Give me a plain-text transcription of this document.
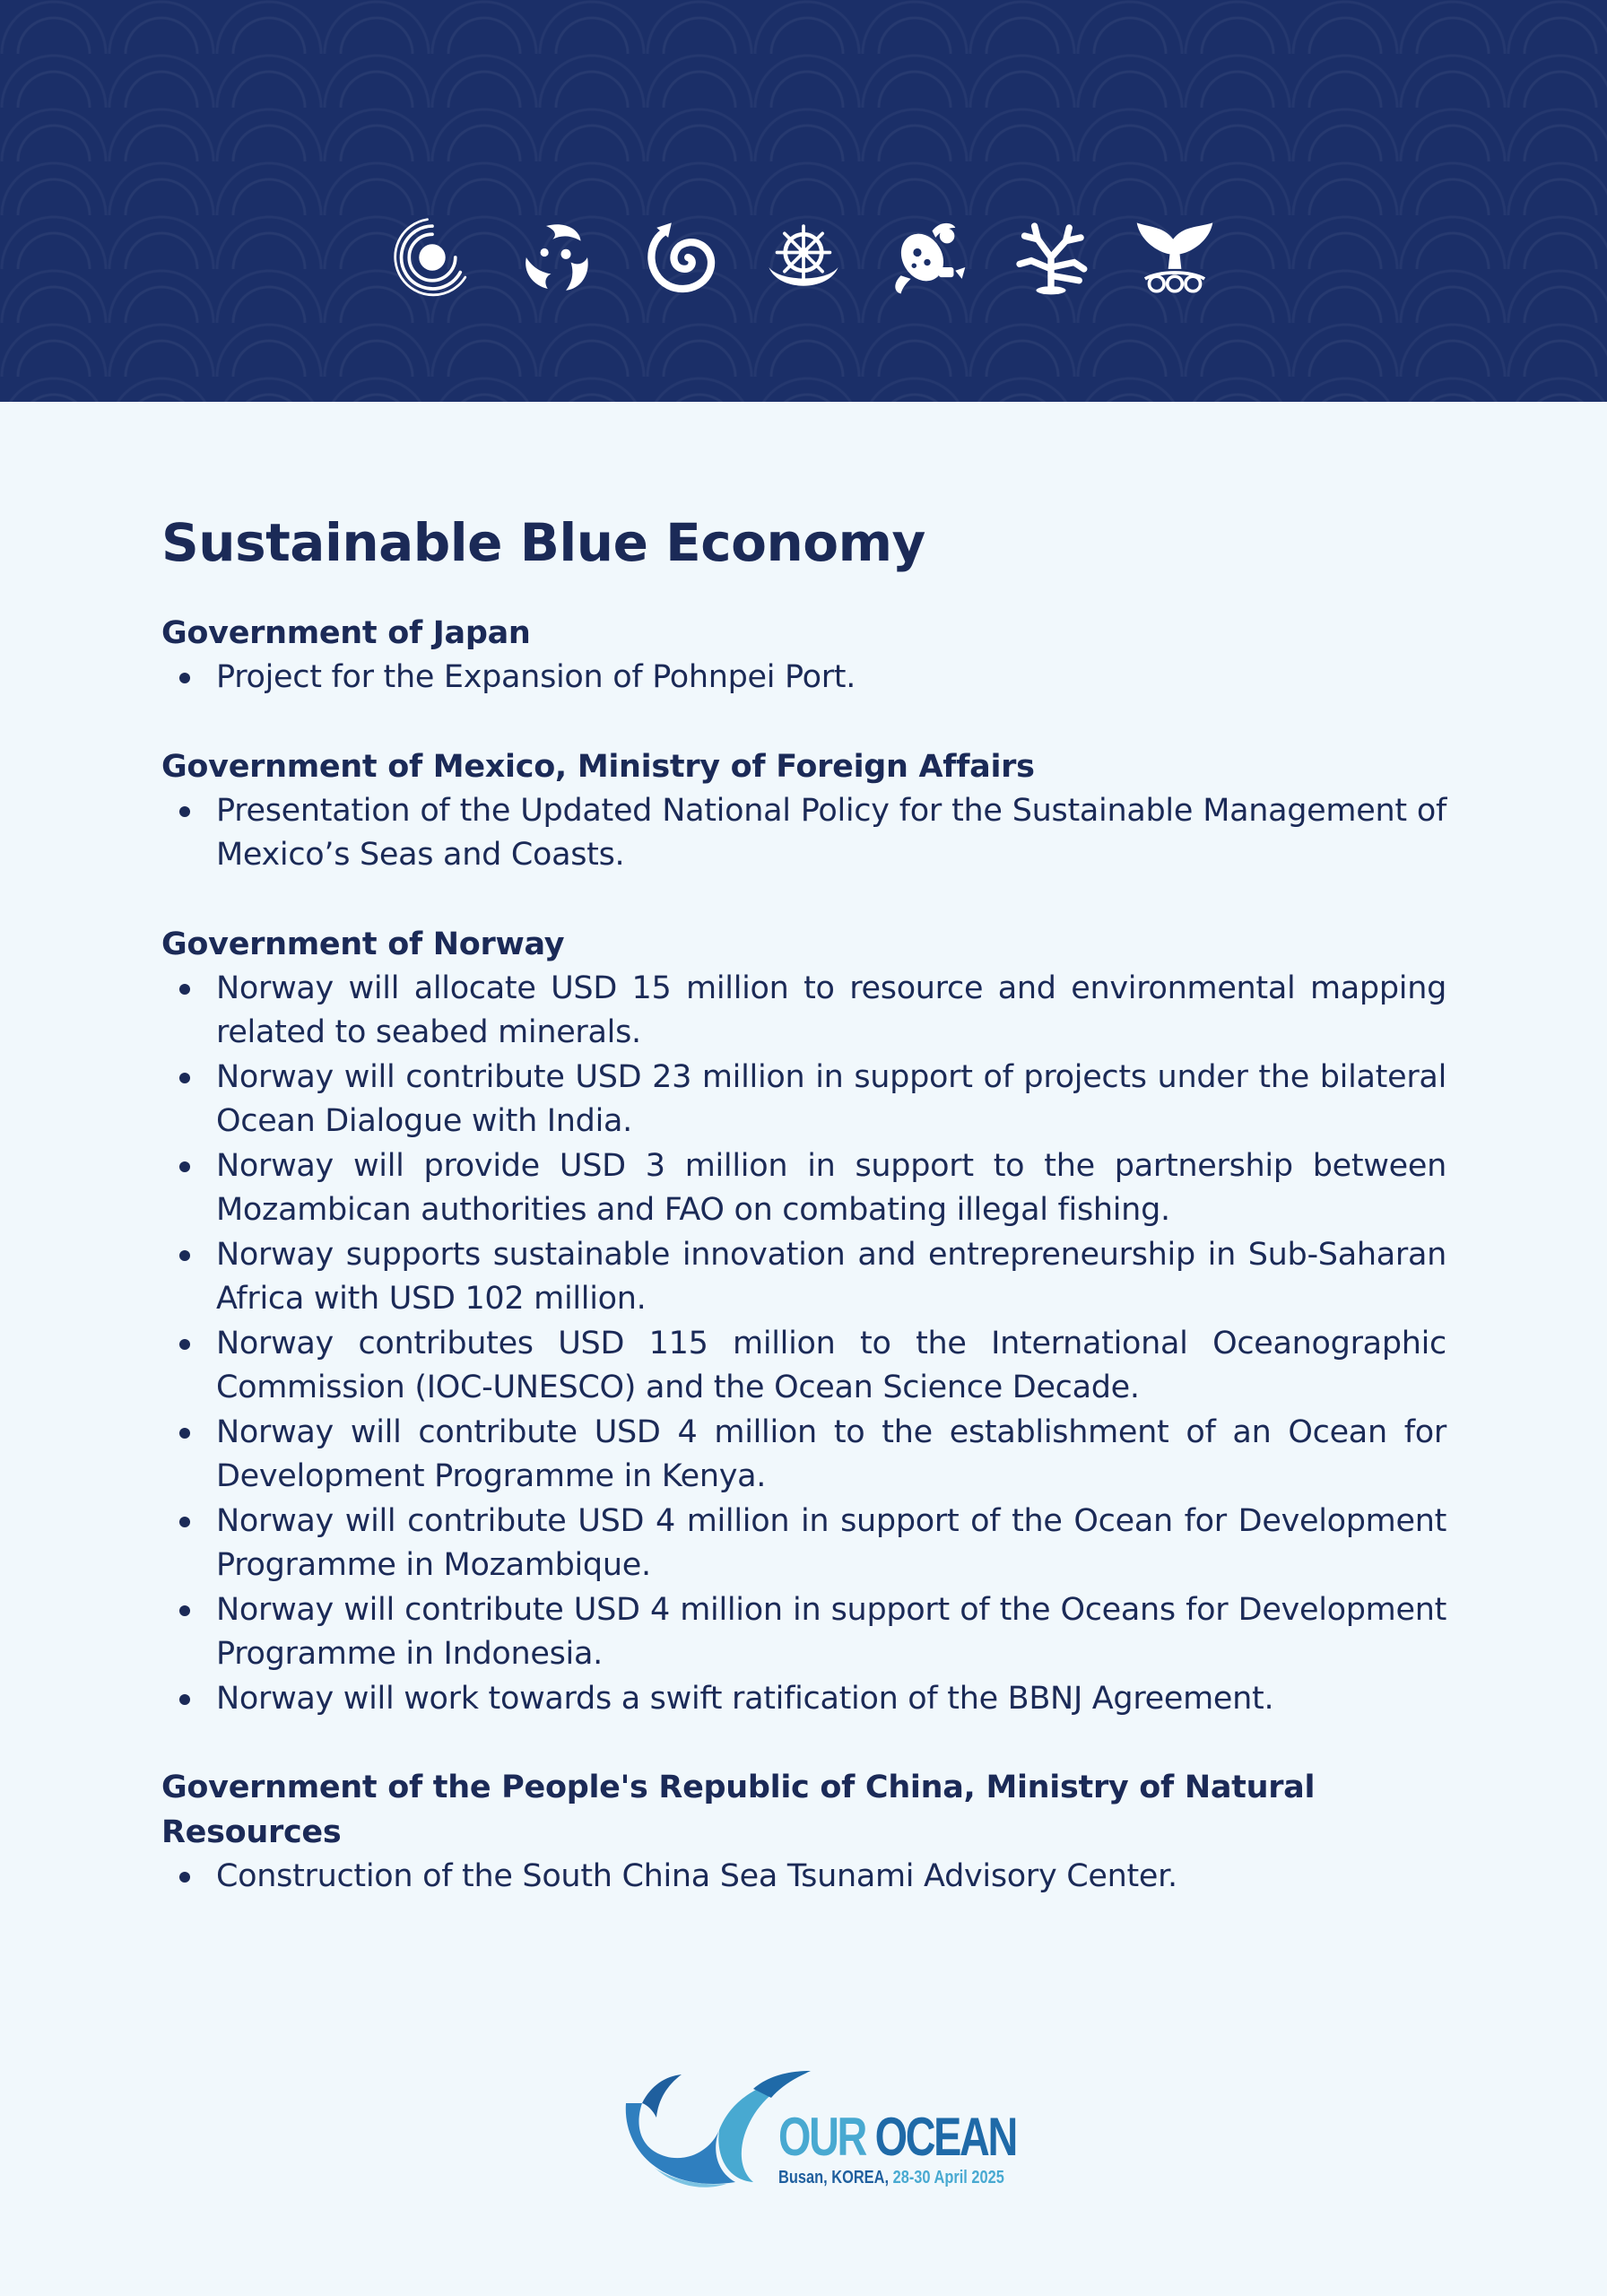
Sustainable Blue Economy
Government of Japan
Project for the Expansion of Pohnpei Port.
Government of Mexico, Ministry of Foreign Affairs
Presentation of the Updated National Policy for the Sustainable Management of Mexico’s Seas and Coasts.
Government of Norway
Norway will allocate USD 15 million to resource and environmental mapping related to seabed minerals.
Norway will contribute USD 23 million in support of projects under the bilateral Ocean Dialogue with India.
Norway will provide USD 3 million in support to the partnership between Mozambican authorities and FAO on combating illegal fishing.
Norway supports sustainable innovation and entrepreneurship in Sub-Saharan Africa with USD 102 million.
Norway contributes USD 115 million to the International Oceanographic Commission (IOC-UNESCO) and the Ocean Science Decade.
Norway will contribute USD 4 million to the establishment of an Ocean for Development Programme in Kenya.
Norway will contribute USD 4 million in support of the Ocean for Development Programme in Mozambique.
Norway will contribute USD 4 million in support of the Oceans for Development Programme in Indonesia.
Norway will work towards a swift ratification of the BBNJ Agreement.
Government of the People's Republic of China, Ministry of Natural Resources
Construction of the South China Sea Tsunami Advisory Center.
OUR OCEAN
Busan, KOREA, 28-30 April 2025
